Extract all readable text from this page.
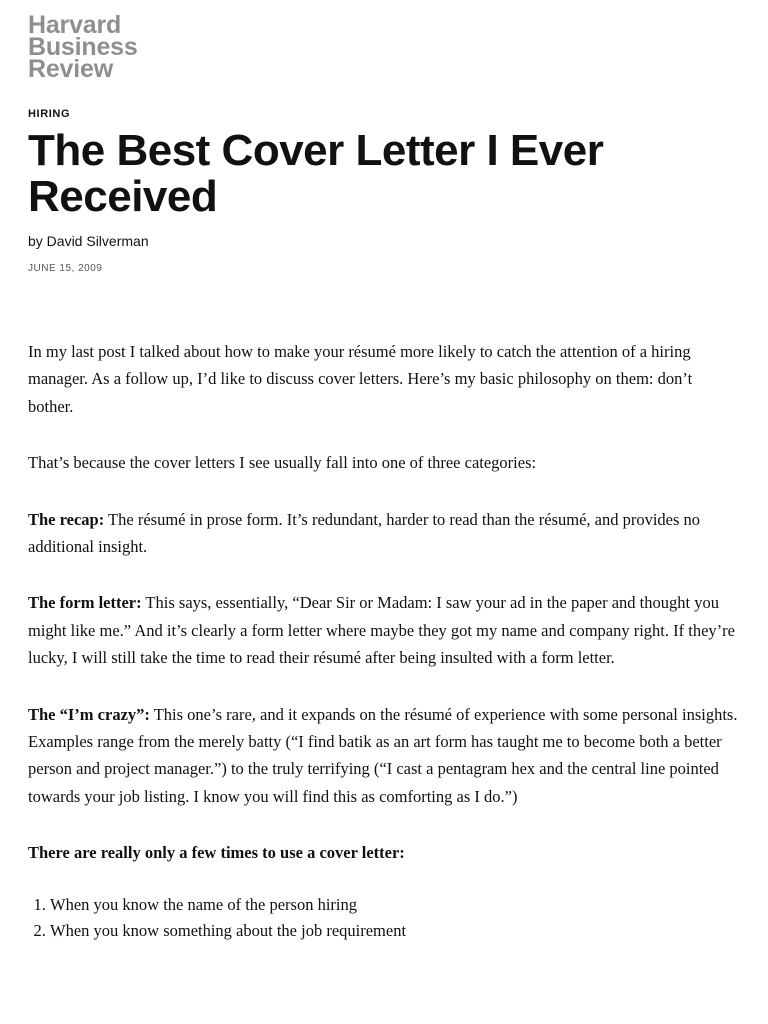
Harvard
Business
Review
HIRING
The Best Cover Letter I Ever Received
by David Silverman
JUNE 15, 2009

In my last post I talked about how to make your résumé more likely to catch the attention of a hiring manager. As a follow up, I’d like to discuss cover letters. Here’s my basic philosophy on them: don’t bother.

That’s because the cover letters I see usually fall into one of three categories:

The recap: The résumé in prose form. It’s redundant, harder to read than the résumé, and provides no additional insight.

The form letter: This says, essentially, “Dear Sir or Madam: I saw your ad in the paper and thought you might like me.” And it’s clearly a form letter where maybe they got my name and company right. If they’re lucky, I will still take the time to read their résumé after being insulted with a form letter.

The “I’m crazy”: This one’s rare, and it expands on the résumé of experience with some personal insights. Examples range from the merely batty (“I find batik as an art form has taught me to become both a better person and project manager.”) to the truly terrifying (“I cast a pentagram hex and the central line pointed towards your job listing. I know you will find this as comforting as I do.”)

There are really only a few times to use a cover letter:

1. When you know the name of the person hiring
2. When you know something about the job requirement
